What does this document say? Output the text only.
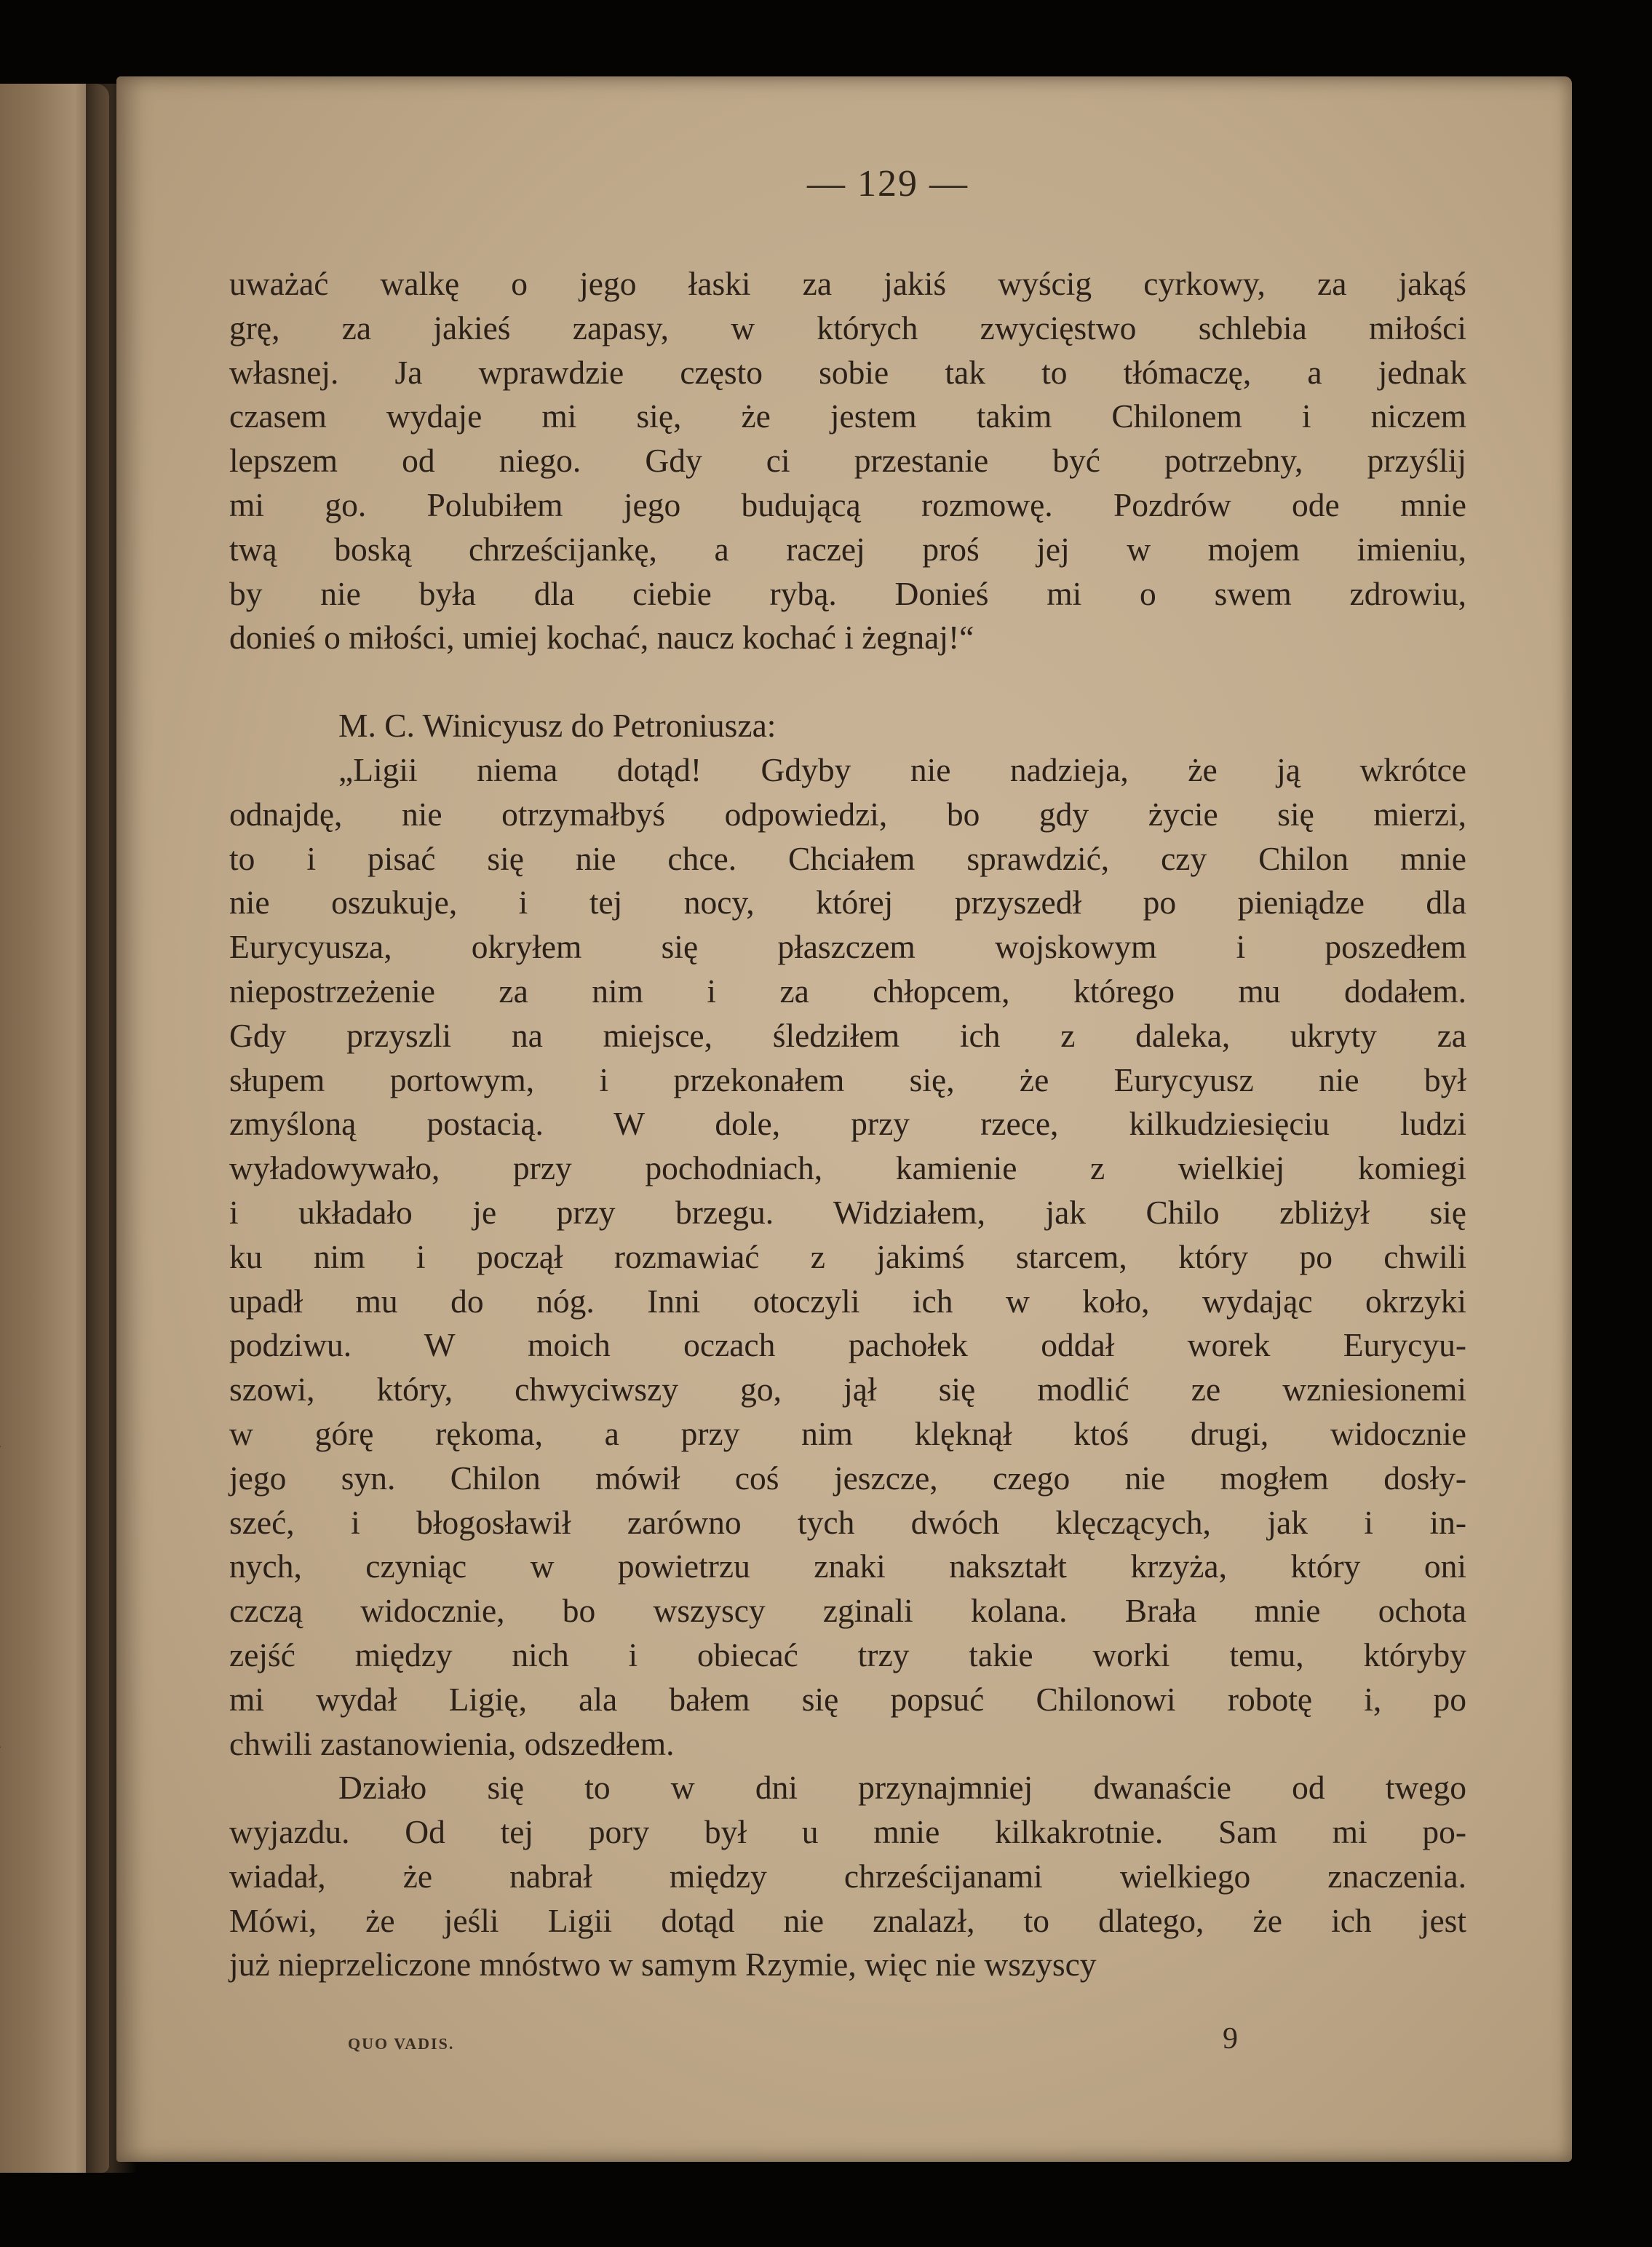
— 129 —
uważać walkę o jego łaski za jakiś wyścig cyrkowy, za jakąś
grę, za jakieś zapasy, w których zwycięstwo schlebia miłości
własnej. Ja wprawdzie często sobie tak to tłómaczę, a jednak
czasem wydaje mi się, że jestem takim Chilonem i niczem
lepszem od niego. Gdy ci przestanie być potrzebny, przyślij
mi go. Polubiłem jego budującą rozmowę. Pozdrów ode mnie
twą boską chrześcijankę, a raczej proś jej w mojem imieniu,
by nie była dla ciebie rybą. Donieś mi o swem zdrowiu,
donieś o miłości, umiej kochać, naucz kochać i żegnaj!“
M. C. Winicyusz do Petroniusza:
„Ligii niema dotąd! Gdyby nie nadzieja, że ją wkrótce
odnajdę, nie otrzymałbyś odpowiedzi, bo gdy życie się mierzi,
to i pisać się nie chce. Chciałem sprawdzić, czy Chilon mnie
nie oszukuje, i tej nocy, której przyszedł po pieniądze dla
Eurycyusza, okryłem się płaszczem wojskowym i poszedłem
niepostrzeżenie za nim i za chłopcem, którego mu dodałem.
Gdy przyszli na miejsce, śledziłem ich z daleka, ukryty za
słupem portowym, i przekonałem się, że Eurycyusz nie był
zmyśloną postacią. W dole, przy rzece, kilkudziesięciu ludzi
wyładowywało, przy pochodniach, kamienie z wielkiej komiegi
i układało je przy brzegu. Widziałem, jak Chilo zbliżył się
ku nim i począł rozmawiać z jakimś starcem, który po chwili
upadł mu do nóg. Inni otoczyli ich w koło, wydając okrzyki
podziwu. W moich oczach pachołek oddał worek Eurycyu-
szowi, który, chwyciwszy go, jął się modlić ze wzniesionemi
w górę rękoma, a przy nim klęknął ktoś drugi, widocznie
jego syn. Chilon mówił coś jeszcze, czego nie mogłem dosły-
szeć, i błogosławił zarówno tych dwóch klęczących, jak i in-
nych, czyniąc w powietrzu znaki nakształt krzyża, który oni
czczą widocznie, bo wszyscy zginali kolana. Brała mnie ochota
zejść między nich i obiecać trzy takie worki temu, któryby
mi wydał Ligię, ala bałem się popsuć Chilonowi robotę i, po
chwili zastanowienia, odszedłem.
Działo się to w dni przynajmniej dwanaście od twego
wyjazdu. Od tej pory był u mnie kilkakrotnie. Sam mi po-
wiadał, że nabrał między chrześcijanami wielkiego znaczenia.
Mówi, że jeśli Ligii dotąd nie znalazł, to dlatego, że ich jest
już nieprzeliczone mnóstwo w samym Rzymie, więc nie wszyscy
QUO VADIS.	9
